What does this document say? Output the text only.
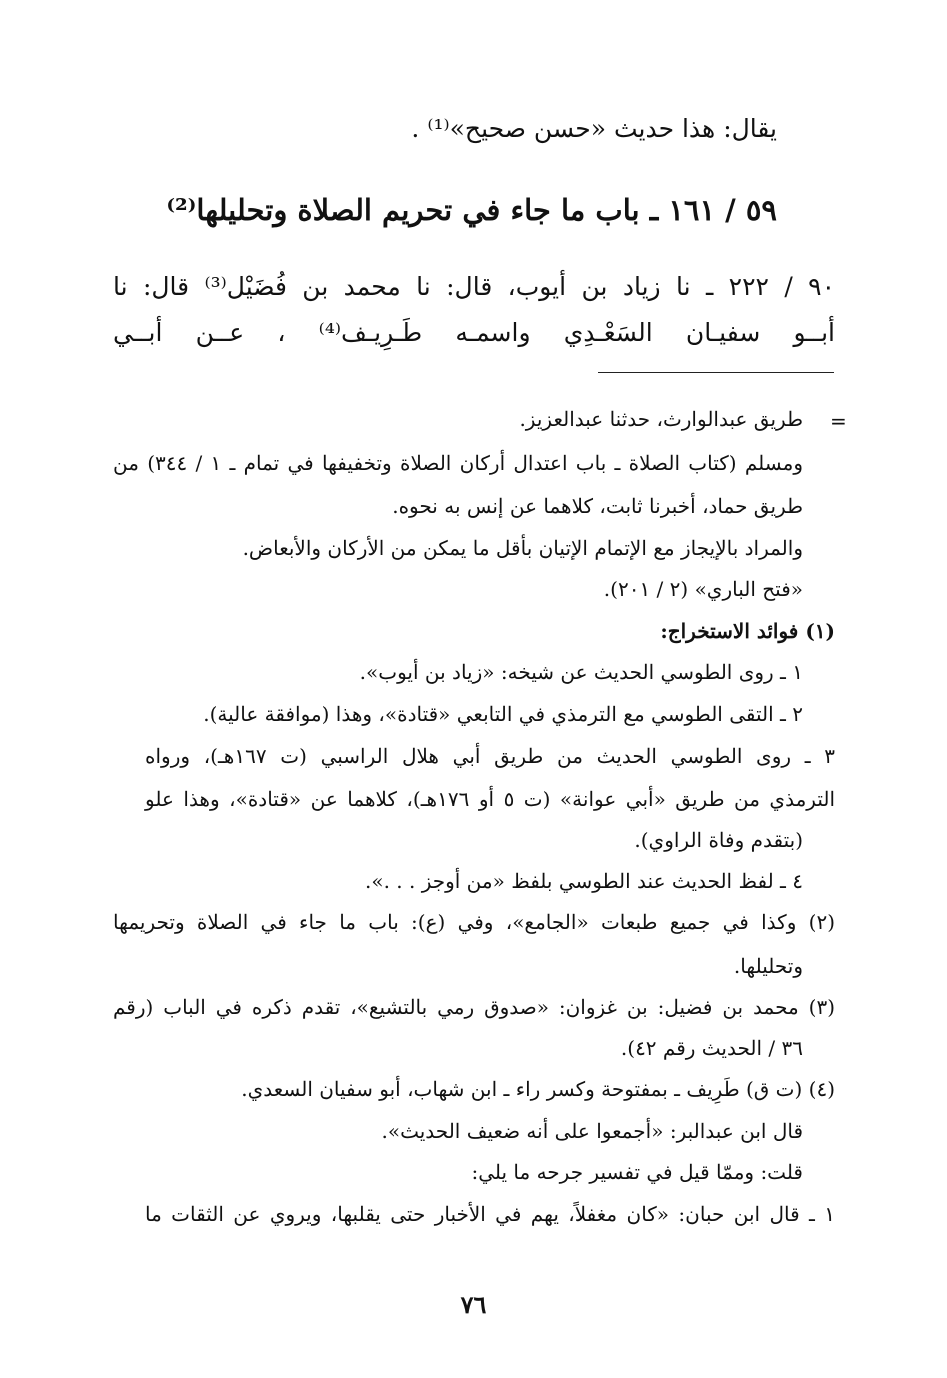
يقال: هذا حديث «حسن صحيح»⁽¹⁾ .
٥٩ / ١٦١ ـ باب ما جاء في تحريم الصلاة وتحليلها⁽²⁾
٩٠ / ٢٢٢ ـ نا زياد بن أيوب، قال: نا محمد بن فُضَيْل⁽³⁾ قال: نا
أبــو سفيـان السَعْـدِي واسمـه طَـرِيـف⁽⁴⁾ ، عــن أبــي
=
طريق عبدالوارث، حدثنا عبدالعزيز.
ومسلم (كتاب الصلاة ـ باب اعتدال أركان الصلاة وتخفيفها في تمام ـ ١ / ٣٤٤) من
طريق حماد، أخبرنا ثابت، كلاهما عن إنس به نحوه.
والمراد بالإيجاز مع الإتمام الإتيان بأقل ما يمكن من الأركان والأبعاض.
«فتح الباري» (٢ / ٢٠١).
(١) فوائد الاستخراج:
١ ـ روى الطوسي الحديث عن شيخه: «زياد بن أيوب».
٢ ـ التقى الطوسي مع الترمذي في التابعي «قتادة»، وهذا (موافقة عالية).
٣ ـ روى الطوسي الحديث من طريق أبي هلال الراسبي (ت ١٦٧هـ)، ورواه
الترمذي من طريق «أبي عوانة» (ت ٥ أو ١٧٦هـ)، كلاهما عن «قتادة»، وهذا علو
(بتقدم وفاة الراوي).
٤ ـ لفظ الحديث عند الطوسي بلفظ «من أوجز . . .».
(٢) وكذا في جميع طبعات «الجامع»، وفي (ع): باب ما جاء في الصلاة وتحريمها
وتحليلها.
(٣) محمد بن فضيل: بن غزوان: «صدوق رمي بالتشيع»، تقدم ذكره في الباب (رقم
٣٦ / الحديث رقم ٤٢).
(٤) (ت ق) طَرِيف ـ بمفتوحة وكسر راء ـ ابن شهاب، أبو سفيان السعدي.
قال ابن عبدالبر: «أجمعوا على أنه ضعيف الحديث».
قلت: وممّا قيل في تفسير جرحه ما يلي:
١ ـ قال ابن حبان: «كان مغفلاً، يهم في الأخبار حتى يقلبها، ويروي عن الثقات ما
٧٦
